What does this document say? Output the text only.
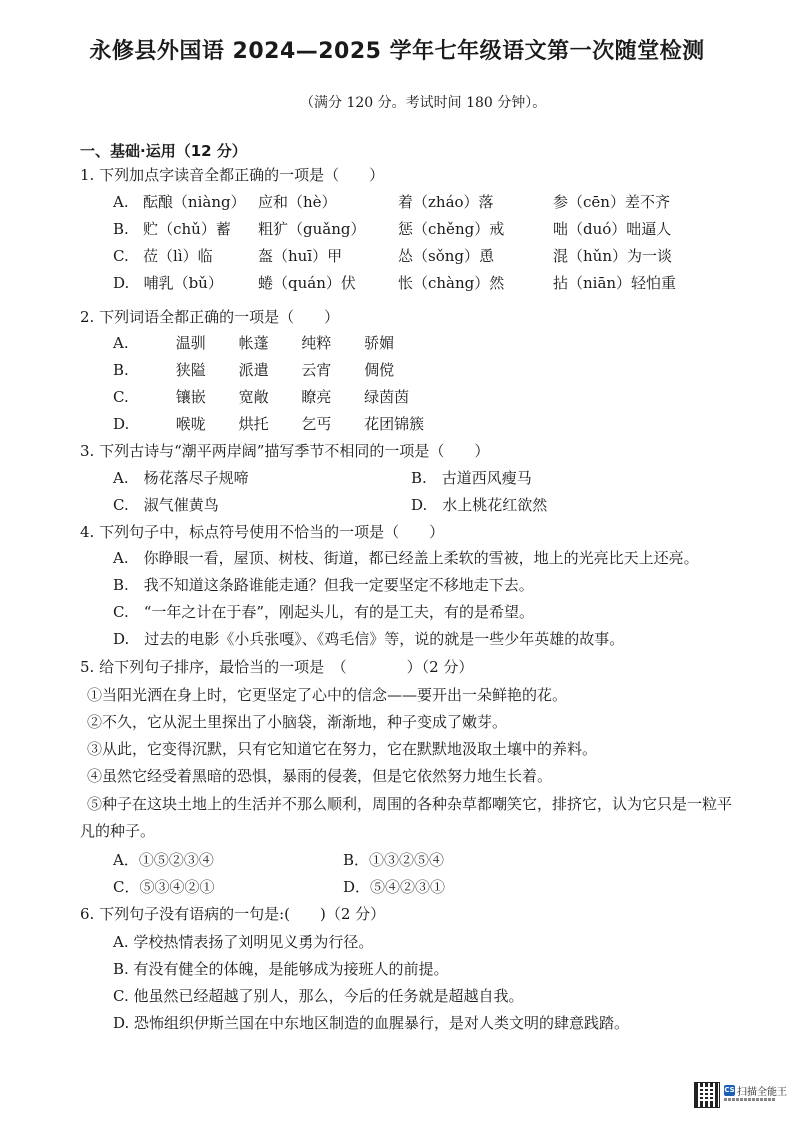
永修县外国语 2024—2025 学年七年级语文第一次随堂检测
（满分 120 分。考试时间 180 分钟）。
一、基础·运用（12 分）
1. 下列加点字读音全都正确的一项是（　　）
A. 酝酿（niàng） 应和（hè）	着（zháo）落	参（cēn）差不齐
B. 贮（chǔ）蓄 粗犷（guǎng） 惩（chěng）戒	咄（duó）咄逼人
C. 莅（lì）临	盔（huī）甲	怂（sǒng）恿	混（hǔn）为一谈
D. 哺乳（bǔ） 蜷（quán）伏	怅（chàng）然	拈（niān）轻怕重
2. 下列词语全都正确的一项是（　　）
A.	温驯 帐蓬 纯粹 骄媚
B.	狭隘 派遣 云宵 倜傥
C.	镶嵌 宽敞 瞭亮 绿茵茵
D.	喉咙 烘托 乞丐 花团锦簇
3. 下列古诗与“潮平两岸阔”描写季节不相同的一项是（　　）
A.　杨花落尽子规啼	B.　古道西风瘦马
C.　淑气催黄鸟	D.　水上桃花红欲然
4. 下列句子中，标点符号使用不恰当的一项是（　　）
A.　你睁眼一看，屋顶、树枝、街道，都已经盖上柔软的雪被，地上的光亮比天上还亮。
B.　我不知道这条路谁能走通？但我一定要坚定不移地走下去。
C.　“一年之计在于春”，刚起头儿，有的是工夫，有的是希望。
D.　过去的电影《小兵张嘎》、《鸡毛信》等，说的就是一些少年英雄的故事。
5. 给下列句子排序，最恰当的一项是　（　　　　）（2 分）
①当阳光洒在身上时，它更坚定了心中的信念——要开出一朵鲜艳的花。
②不久，它从泥土里探出了小脑袋，渐渐地，种子变成了嫩芽。
③从此，它变得沉默，只有它知道它在努力，它在默默地汲取土壤中的养料。
④虽然它经受着黑暗的恐惧，暴雨的侵袭，但是它依然努力地生长着。
⑤种子在这块土地上的生活并不那么顺利，周围的各种杂草都嘲笑它，排挤它，认为它只是一粒平
凡的种子。
A．①⑤②③④	B．①③②⑤④
C．⑤③④②①	D．⑤④②③①
6. 下列句子没有语病的一句是:(　　)（2 分）
A. 学校热情表扬了刘明见义勇为行径。
B. 有没有健全的体魄，是能够成为接班人的前提。
C. 他虽然已经超越了别人，那么，今后的任务就是超越自我。
D. 恐怖组织伊斯兰国在中东地区制造的血腥暴行，是对人类文明的肆意践踏。
CS 扫描全能王
